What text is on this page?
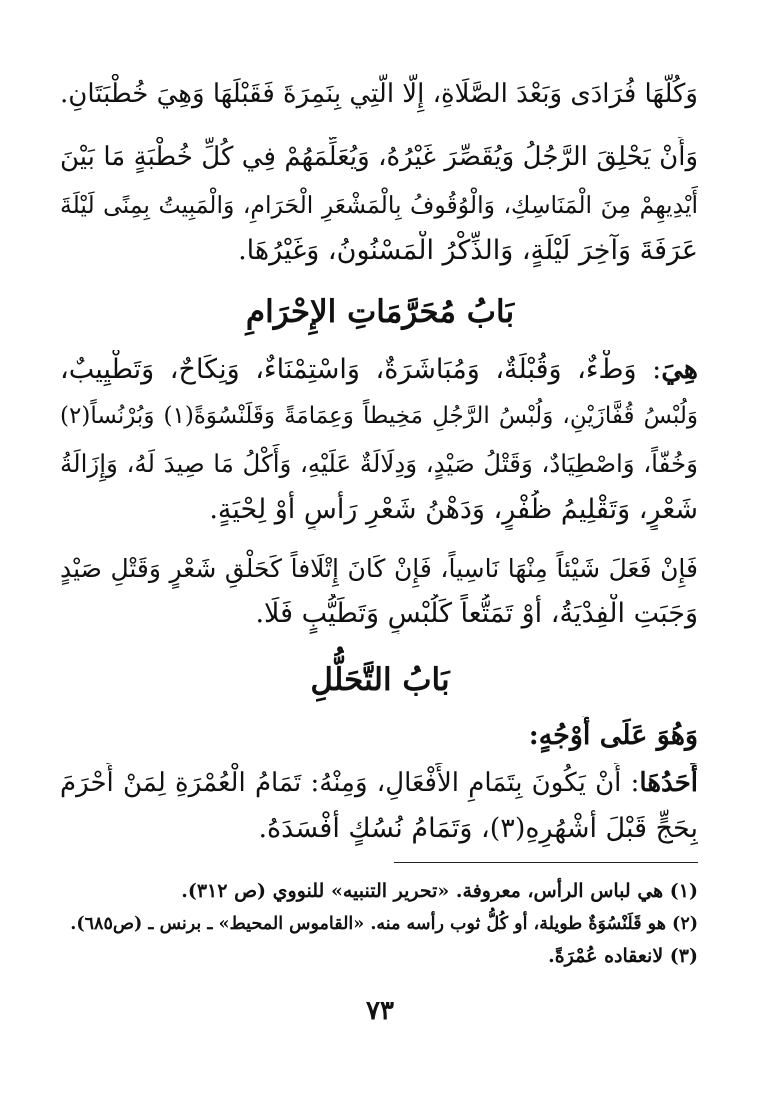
وَكُلُّهَا فُرَادَى وَبَعْدَ الصَّلَاةِ، إِلَّا الَّتِي بِنَمِرَةَ فَقَبْلَهَا وَهِيَ خُطْبَتَانِ.
وَأَنْ يَحْلِقَ الرَّجُلُ وَيُقَصِّرَ غَيْرُهُ، وَيُعَلِّمَهُمْ فِي كُلِّ خُطْبَةٍ مَا بَيْنَ
أَيْدِيهِمْ مِنَ الْمَنَاسِكِ، وَالْوُقُوفُ بِالْمَشْعَرِ الْحَرَامِ، وَالْمَبِيتُ بِمِنًى لَيْلَةَ
عَرَفَةَ وَآخِرَ لَيْلَةٍ، وَالذِّكْرُ الْمَسْنُونُ، وَغَيْرُهَا.
بَابُ مُحَرَّمَاتِ الإِحْرَامِ
هِيَ: وَطْءٌ، وَقُبْلَةٌ، وَمُبَاشَرَةٌ، وَاسْتِمْنَاءٌ، وَنِكَاحٌ، وَتَطْيِيبٌ،
وَلُبْسُ قُفَّازَيْنِ، وَلُبْسُ الرَّجُلِ مَخِيطاً وَعِمَامَةً وَقَلَنْسُوَةً(١) وَبُرْنُساً(٢)
وَخُفّاً، وَاصْطِيَادٌ، وَقَتْلُ صَيْدٍ، وَدِلَالَةٌ عَلَيْهِ، وَأَكْلُ مَا صِيدَ لَهُ، وَإِزَالَةُ
شَعْرٍ، وَتَقْلِيمُ ظُفْرٍ، وَدَهْنُ شَعْرِ رَأْسٍ أَوْ لِحْيَةٍ.
فَإِنْ فَعَلَ شَيْئاً مِنْهَا نَاسِياً، فَإِنْ كَانَ إِتْلَافاً كَحَلْقِ شَعْرٍ وَقَتْلِ صَيْدٍ
وَجَبَتِ الْفِدْيَةُ، أَوْ تَمَتُّعاً كَلُبْسٍ وَتَطَيُّبٍ فَلَا.
بَابُ التَّحَلُّلِ
وَهُوَ عَلَى أَوْجُهٍ:
أَحَدُهَا: أَنْ يَكُونَ بِتَمَامِ الأَفْعَالِ، وَمِنْهُ: تَمَامُ الْعُمْرَةِ لِمَنْ أَحْرَمَ
بِحَجٍّ قَبْلَ أَشْهُرِهِ(٣)، وَتَمَامُ نُسُكٍ أَفْسَدَهُ.
(١) هي لباس الرأس، معروفة. «تحرير التنبيه» للنووي (ص ٣١٢).
(٢) هو قَلَنْسُوَةٌ طويلة، أو كُلُّ ثوب رأسه منه. «القاموس المحيط» ـ برنس ـ (ص٦٨٥).
(٣) لانعقاده عُمْرَةً.
٧٣
